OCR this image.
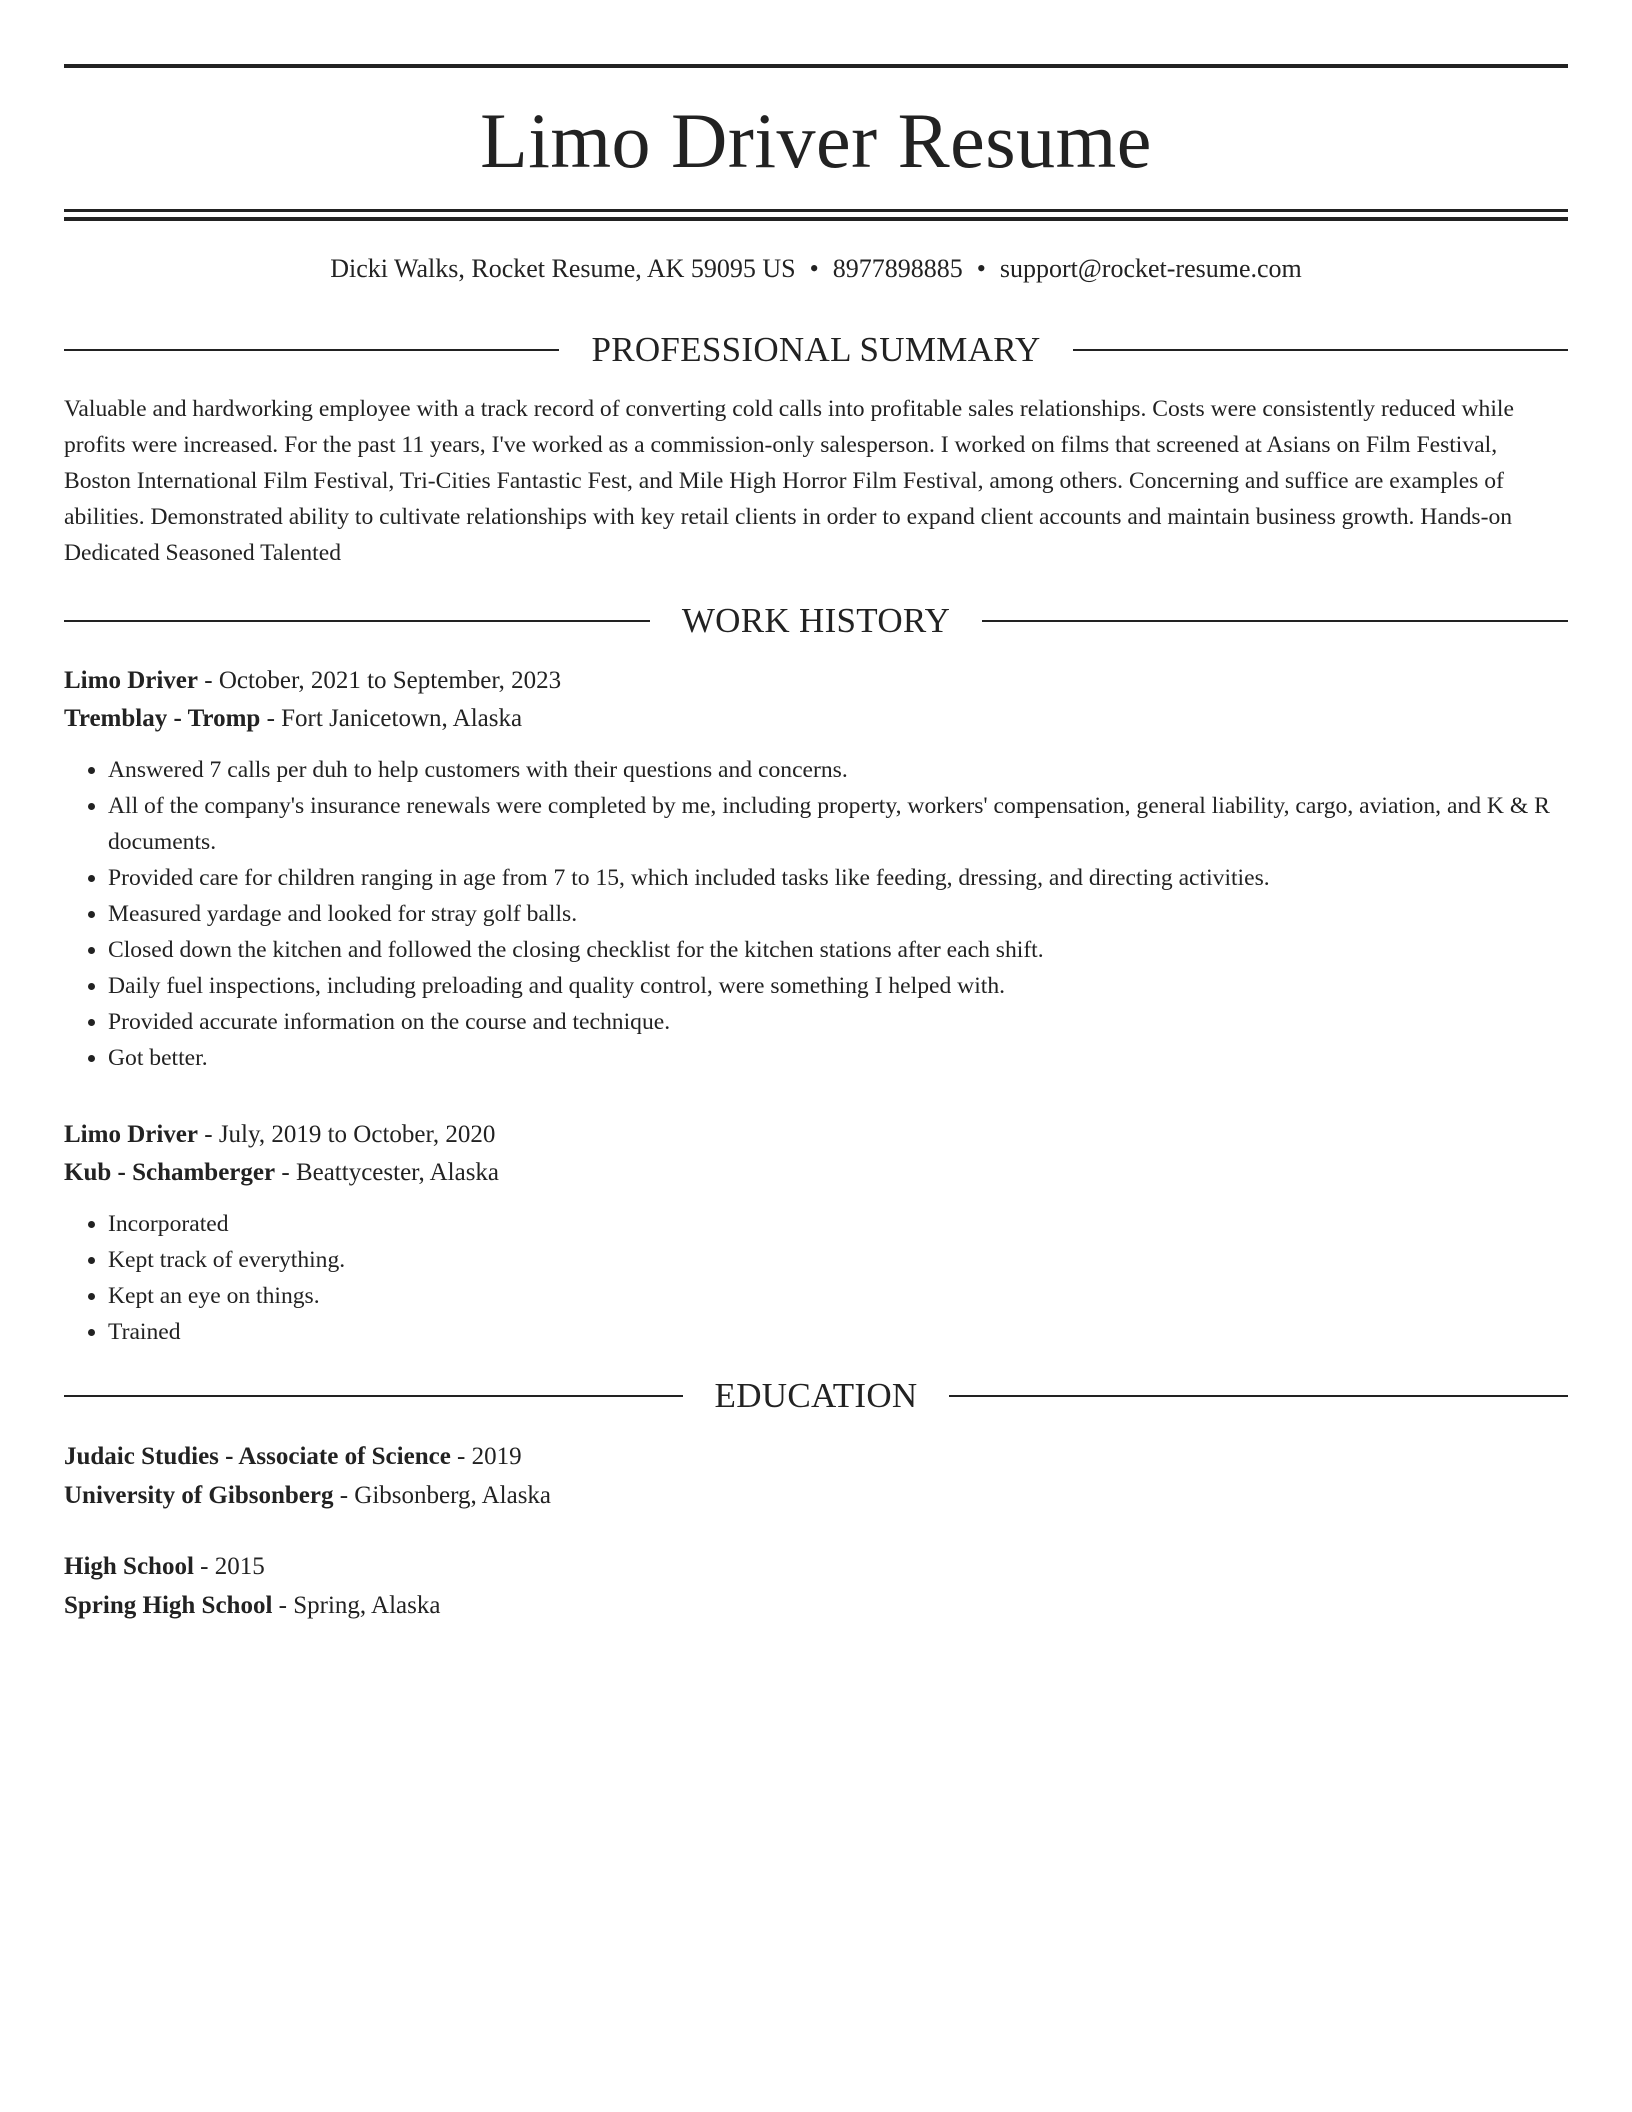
Limo Driver Resume
Dicki Walks, Rocket Resume, AK 59095 US • 8977898885 • support@rocket-resume.com
PROFESSIONAL SUMMARY

Valuable and hardworking employee with a track record of converting cold calls into profitable sales relationships. Costs were consistently reduced while profits were increased. For the past 11 years, I've worked as a commission-only salesperson. I worked on films that screened at Asians on Film Festival, Boston International Film Festival, Tri-Cities Fantastic Fest, and Mile High Horror Film Festival, among others. Concerning and suffice are examples of abilities. Demonstrated ability to cultivate relationships with key retail clients in order to expand client accounts and maintain business growth. Hands-on Dedicated Seasoned Talented

WORK HISTORY
Limo Driver - October, 2021 to September, 2023
Tremblay - Tromp - Fort Janicetown, Alaska
• Answered 7 calls per duh to help customers with their questions and concerns.
• All of the company's insurance renewals were completed by me, including property, workers' compensation, general liability, cargo, aviation, and K & R documents.
• Provided care for children ranging in age from 7 to 15, which included tasks like feeding, dressing, and directing activities.
• Measured yardage and looked for stray golf balls.
• Closed down the kitchen and followed the closing checklist for the kitchen stations after each shift.
• Daily fuel inspections, including preloading and quality control, were something I helped with.
• Provided accurate information on the course and technique.
• Got better.
Limo Driver - July, 2019 to October, 2020
Kub - Schamberger - Beattycester, Alaska
• Incorporated
• Kept track of everything.
• Kept an eye on things.
• Trained
EDUCATION
Judaic Studies - Associate of Science - 2019
University of Gibsonberg - Gibsonberg, Alaska
High School - 2015
Spring High School - Spring, Alaska
